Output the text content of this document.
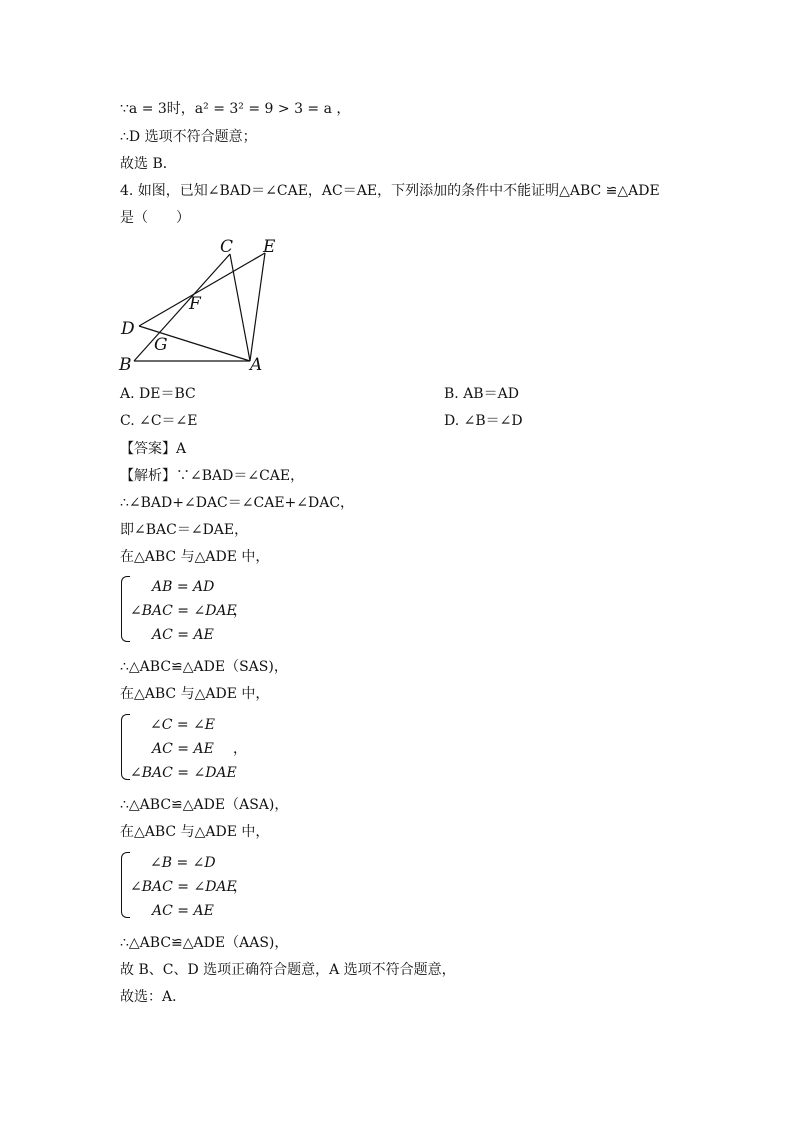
∵a = 3时，a² = 3² = 9 > 3 = a ，
∴D 选项不符合题意；
故选 B．
4. 如图，已知∠BAD＝∠CAE，AC＝AE，下列添加的条件中不能证明△ABC ≌△ADE
是（　　）
C E
F
D
G
B	A
A. DE＝BC	B. AB＝AD
C. ∠C＝∠E	D. ∠B＝∠D
【答案】A
【解析】∵∠BAD＝∠CAE，
∴∠BAD+∠DAC＝∠CAE+∠DAC，
即∠BAC＝∠DAE，
在△ABC 与△ADE 中，
AB = AD
∠BAC = ∠DAE
AC = AE
，
∴△ABC≌△ADE（SAS)，
在△ABC 与△ADE 中，
∠C = ∠E
AC = AE
∠BAC = ∠DAE
，
∴△ABC≌△ADE（ASA)，
在△ABC 与△ADE 中，
∠B = ∠D
∠BAC = ∠DAE
AC = AE
，
∴△ABC≌△ADE（AAS)，
故 B、C、D 选项正确符合题意，A 选项不符合题意，
故选：A．
